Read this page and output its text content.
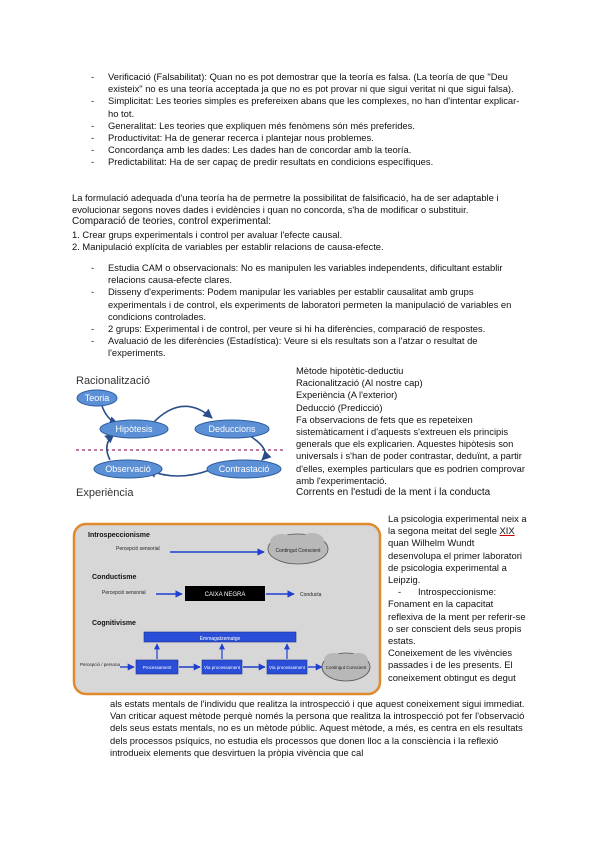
- Verificació (Falsabilitat): Quan no es pot demostrar que la teoría es falsa. (La teoría de que "Deu existeix" no es una teoría acceptada ja que no es pot provar ni que sigui veritat ni que sigui falsa).
- Simplicitat: Les teories simples es prefereixen abans que les complexes, no han d'intentar explicar-ho tot.
- Generalitat: Les teories que expliquen més fenòmens són més preferides.
- Productivitat: Ha de generar recerca i plantejar nous problemes.
- Concordança amb les dades: Les dades han de concordar amb la teoría.
- Predictabilitat: Ha de ser capaç de predir resultats en condicions específiques.
La formulació adequada d'una teoría ha de permetre la possibilitat de falsificació, ha de ser adaptable i evolucionar segons noves dades i evidències i quan no concorda, s'ha de modificar o substituir.
Comparació de teories, control experimental:
1. Crear grups experimentals i control per avaluar l'efecte causal.
2. Manipulació explícita de variables per establir relacions de causa-efecte.
- Estudia CAM o observacionals: No es manipulen les variables independents, dificultant establir relacions causa-efecte clares.
- Disseny d'experiments: Podem manipular les variables per establir causalitat amb grups experimentals i de control, els experiments de laboratori permeten la manipulació de variables en condicions controlades.
- 2 grups: Experimental i de control, per veure si hi ha diferències, comparació de respostes.
- Avaluació de les diferències (Estadística): Veure si els resultats son a l'atzar o resultat de l'experiments.
Racionalització
Experiència
Teoria
Hipòtesis	Deduccions
Observació	Contrastació
Mètode hipotètic-deductiu
Racionalització (Al nostre cap)
Experiència (A l'exterior)
Deducció (Predicció)
Fa observacions de fets que es repeteixen sistemàticament i d'aquests s'extreuen els principis generals que els explicarien. Aquestes hipòtesis son universals i s'han de poder contrastar, deduïnt, a partir d'elles, exemples particulars que es podrien comprovar amb l'experimentació.
Corrents en l'estudi de la ment i la conducta
Introspeccionisme
Percepció sensorial	Contingut Conscient
Conductisme
Percepció sensorial	CAIXA NEGRA	Conducta
Cognitivisme
Emmagatzematge
Percepció / persona
Processament	Via processament	Via processament	Contingut Conscient
La psicologia experimental neix a la segona meitat del segle XIX quan Wilhelm Wundt desenvolupa el primer laboratori de psicologia experimental a Leipzig.
- Introspeccionisme:
Fonament en la capacitat reflexiva de la ment per referir-se o ser conscient dels seus propis estats.
Coneixement de les vivències passades i de les presents. El coneixement obtingut es degut
als estats mentals de l'individu que realitza la introspecció i que aquest coneixement sigui immediat. Van criticar aquest mètode perquè només la persona que realitza la introspecció pot fer l'observació dels seus estats mentals, no es un mètode públic. Aquest mètode, a més, es centra en els resultats dels processos psíquics, no estudia els processos que donen lloc a la consciència i la reflexió introdueix elements que desvirtuen la pròpia vivència que cal
